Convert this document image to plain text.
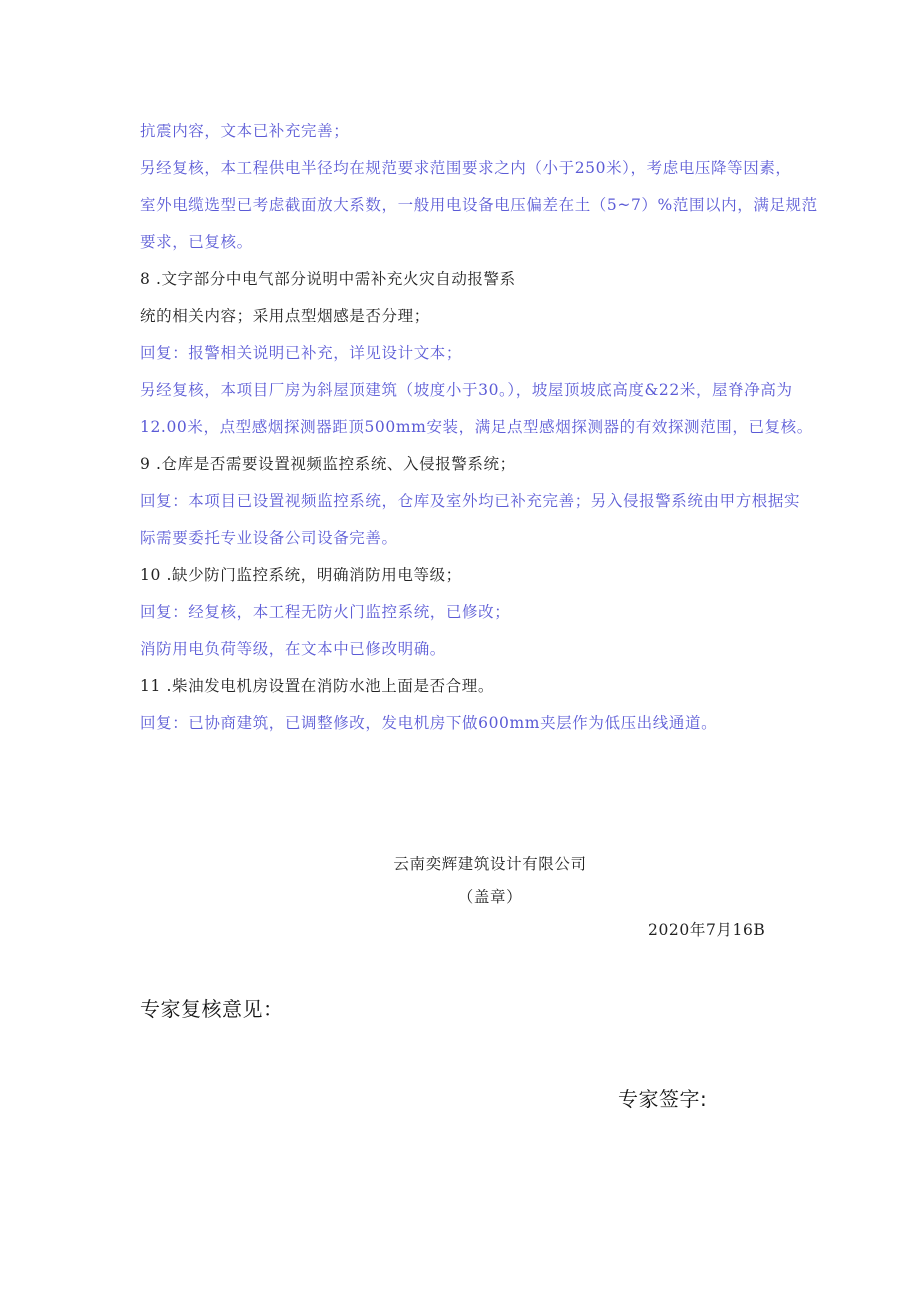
抗震内容，文本已补充完善；
另经复核，本工程供电半径均在规范要求范围要求之内（小于250米），考虑电压降等因素，
室外电缆选型已考虑截面放大系数，一般用电设备电压偏差在土（5~7）%范围以内，满足规范
要求，已复核。
8 .文字部分中电气部分说明中需补充火灾自动报警系
统的相关内容；采用点型烟感是否分理；
回复：报警相关说明已补充，详见设计文本；
另经复核，本项目厂房为斜屋顶建筑（坡度小于30。），坡屋顶坡底高度&22米，屋脊净高为
12.00米，点型感烟探测器距顶500mm安装，满足点型感烟探测器的有效探测范围，已复核。
9 .仓库是否需要设置视频监控系统、入侵报警系统；
回复：本项目已设置视频监控系统，仓库及室外均已补充完善；另入侵报警系统由甲方根据实
际需要委托专业设备公司设备完善。
10 .缺少防门监控系统，明确消防用电等级；
回复：经复核，本工程无防火门监控系统，已修改；
消防用电负荷等级，在文本中已修改明确。
11 .柴油发电机房设置在消防水池上面是否合理。
回复：已协商建筑，已调整修改，发电机房下做600mm夹层作为低压出线通道。
云南奕辉建筑设计有限公司
（盖章）
2020年7月16B
专家复核意见：
专家签字:
